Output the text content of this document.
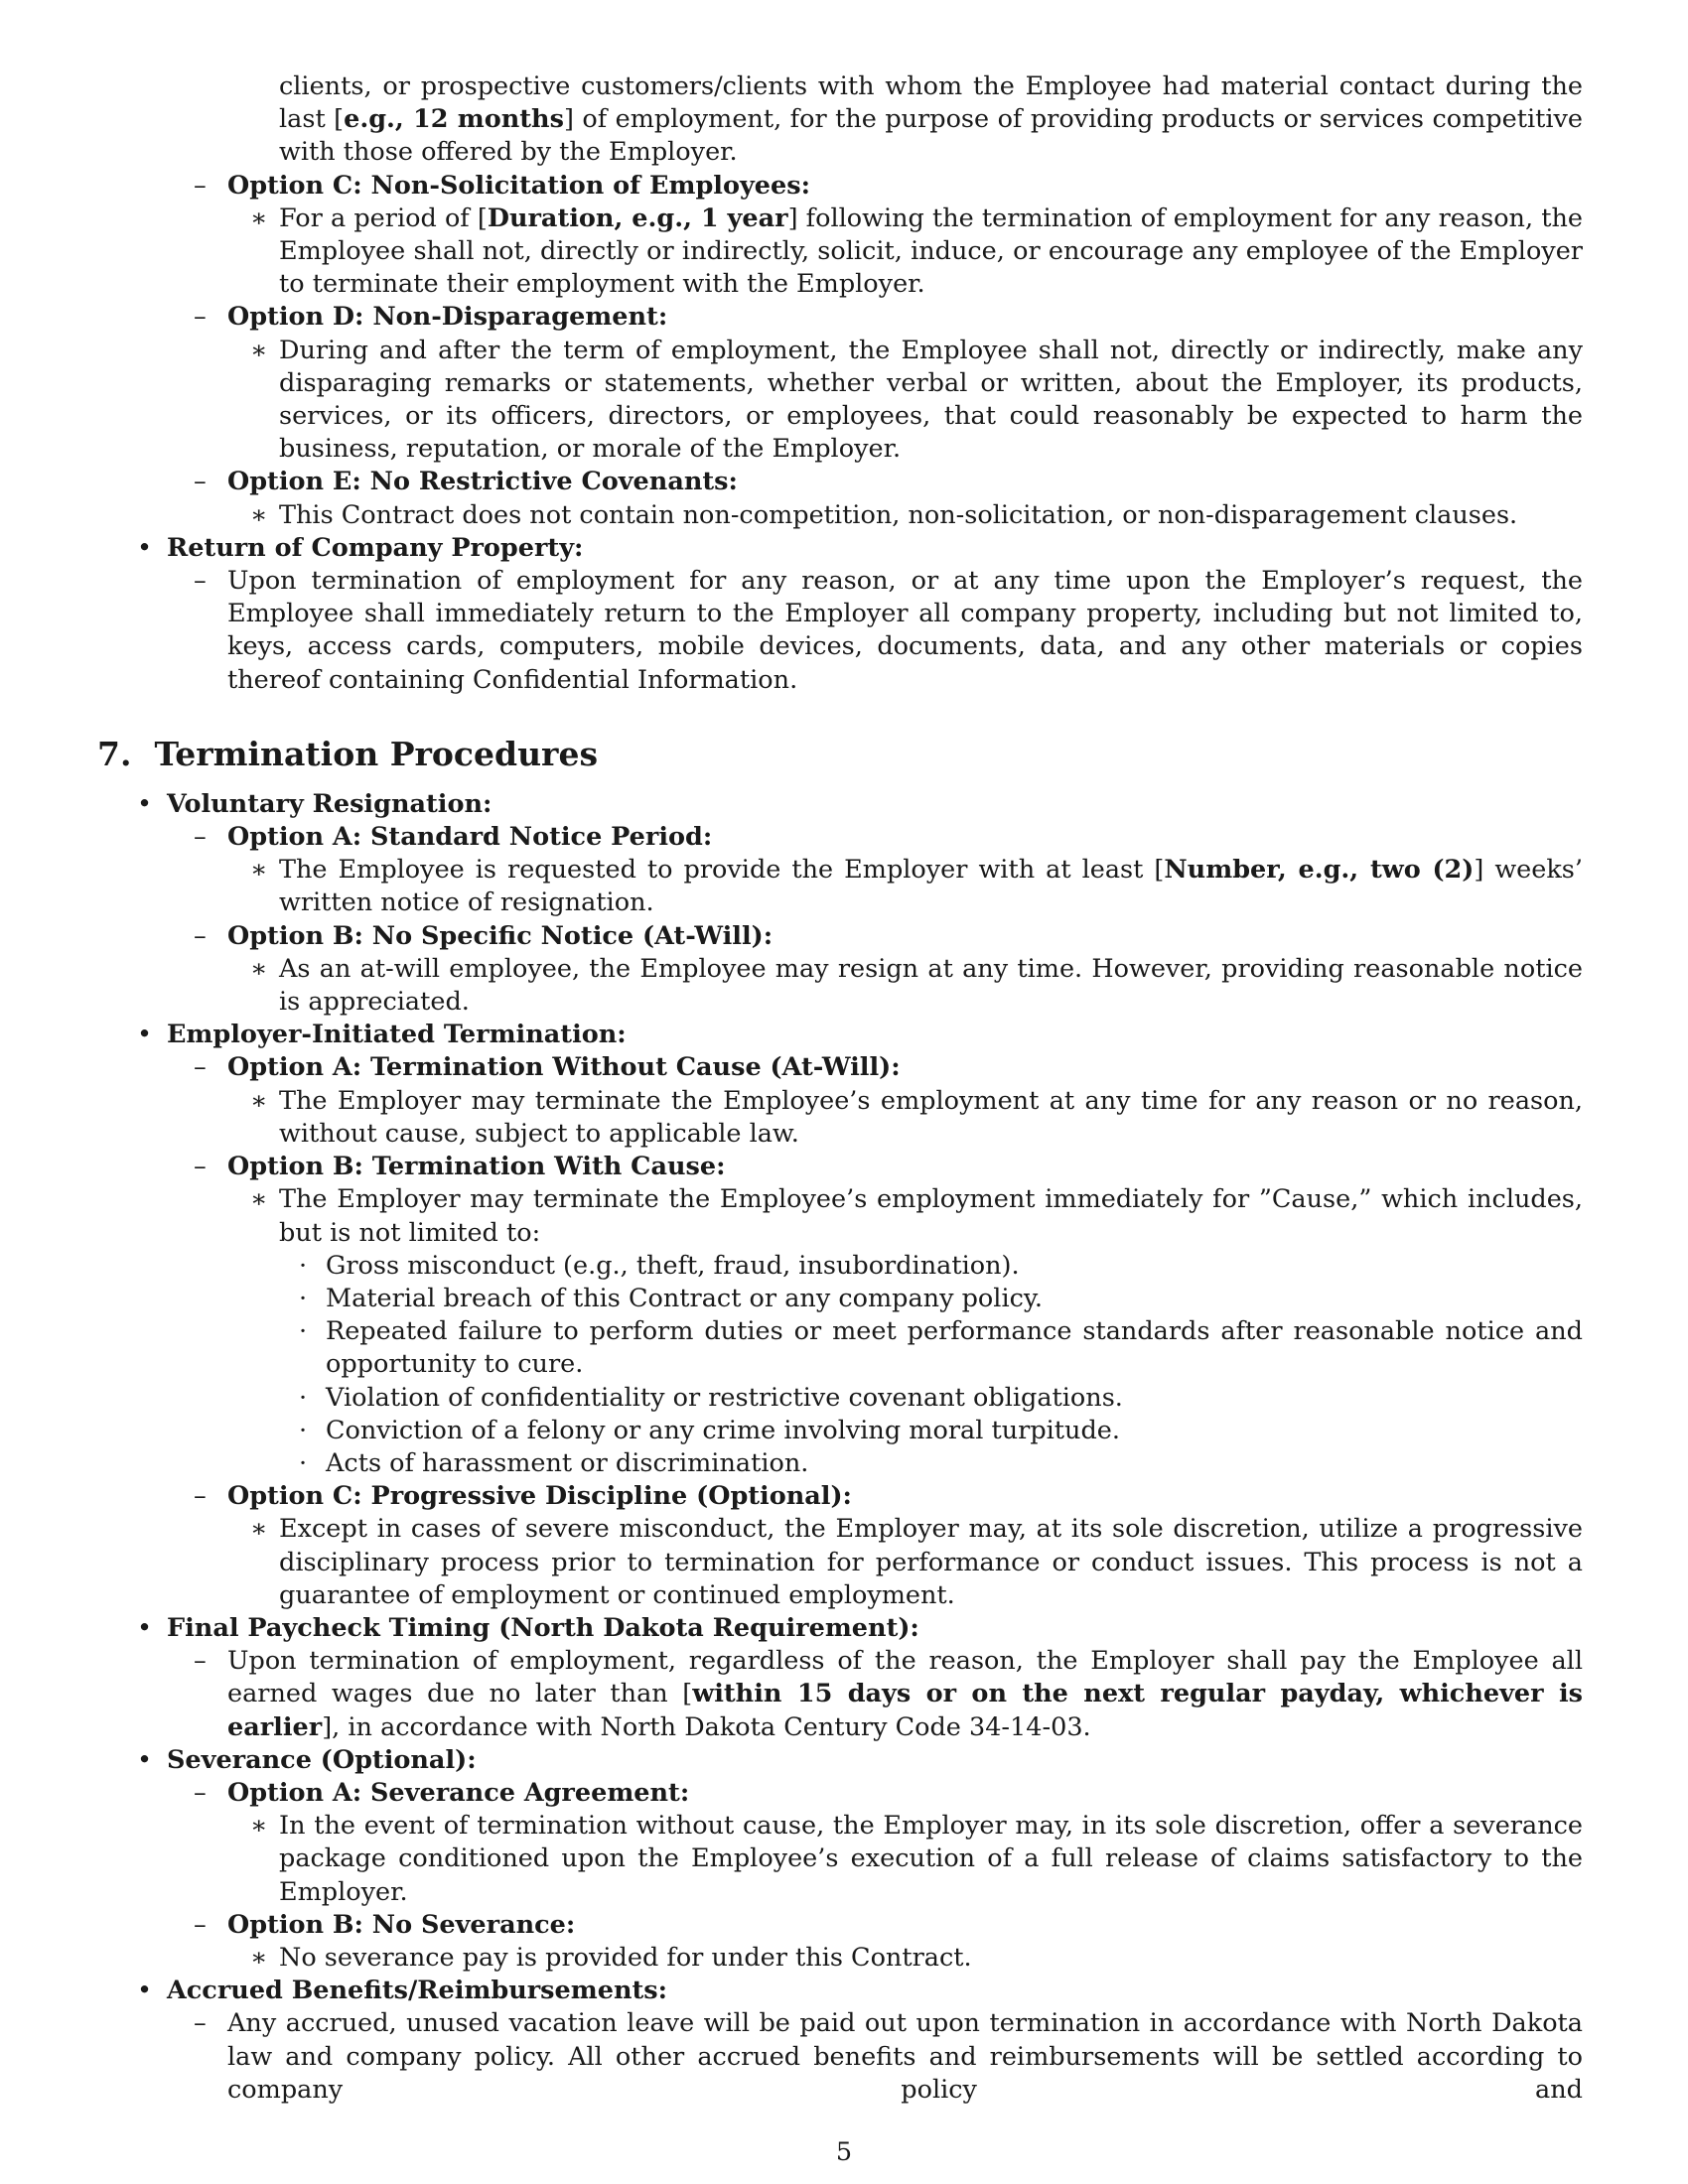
clients, or prospective customers/clients with whom the Employee had material contact during the last [e.g., 12 months] of employment, for the purpose of providing products or services competitive with those offered by the Employer.
– Option C: Non-Solicitation of Employees:
∗ For a period of [Duration, e.g., 1 year] following the termination of employment for any reason, the Employee shall not, directly or indirectly, solicit, induce, or encourage any employee of the Employer to terminate their employment with the Employer.
– Option D: Non-Disparagement:
∗ During and after the term of employment, the Employee shall not, directly or indirectly, make any disparaging remarks or statements, whether verbal or written, about the Employer, its products, services, or its officers, directors, or employees, that could reasonably be expected to harm the business, reputation, or morale of the Employer.
– Option E: No Restrictive Covenants:
∗ This Contract does not contain non-competition, non-solicitation, or non-disparagement clauses.
• Return of Company Property:
– Upon termination of employment for any reason, or at any time upon the Employer’s request, the Employee shall immediately return to the Employer all company property, including but not limited to, keys, access cards, computers, mobile devices, documents, data, and any other materials or copies thereof containing Confidential Information.
7. Termination Procedures
• Voluntary Resignation:
– Option A: Standard Notice Period:
∗ The Employee is requested to provide the Employer with at least [Number, e.g., two (2)] weeks’ written notice of resignation.
– Option B: No Specific Notice (At-Will):
∗ As an at-will employee, the Employee may resign at any time. However, providing reasonable notice is appreciated.
• Employer-Initiated Termination:
– Option A: Termination Without Cause (At-Will):
∗ The Employer may terminate the Employee’s employment at any time for any reason or no reason, without cause, subject to applicable law.
– Option B: Termination With Cause:
∗ The Employer may terminate the Employee’s employment immediately for ”Cause,” which includes, but is not limited to:
· Gross misconduct (e.g., theft, fraud, insubordination).
· Material breach of this Contract or any company policy.
· Repeated failure to perform duties or meet performance standards after reasonable notice and opportunity to cure.
· Violation of confidentiality or restrictive covenant obligations.
· Conviction of a felony or any crime involving moral turpitude.
· Acts of harassment or discrimination.
– Option C: Progressive Discipline (Optional):
∗ Except in cases of severe misconduct, the Employer may, at its sole discretion, utilize a progressive disciplinary process prior to termination for performance or conduct issues. This process is not a guarantee of employment or continued employment.
• Final Paycheck Timing (North Dakota Requirement):
– Upon termination of employment, regardless of the reason, the Employer shall pay the Employee all earned wages due no later than [within 15 days or on the next regular payday, whichever is earlier], in accordance with North Dakota Century Code 34-14-03.
• Severance (Optional):
– Option A: Severance Agreement:
∗ In the event of termination without cause, the Employer may, in its sole discretion, offer a severance package conditioned upon the Employee’s execution of a full release of claims satisfactory to the Employer.
– Option B: No Severance:
∗ No severance pay is provided for under this Contract.
• Accrued Benefits/Reimbursements:
– Any accrued, unused vacation leave will be paid out upon termination in accordance with North Dakota law and company policy. All other accrued benefits and reimbursements will be settled according to company policy and
5
